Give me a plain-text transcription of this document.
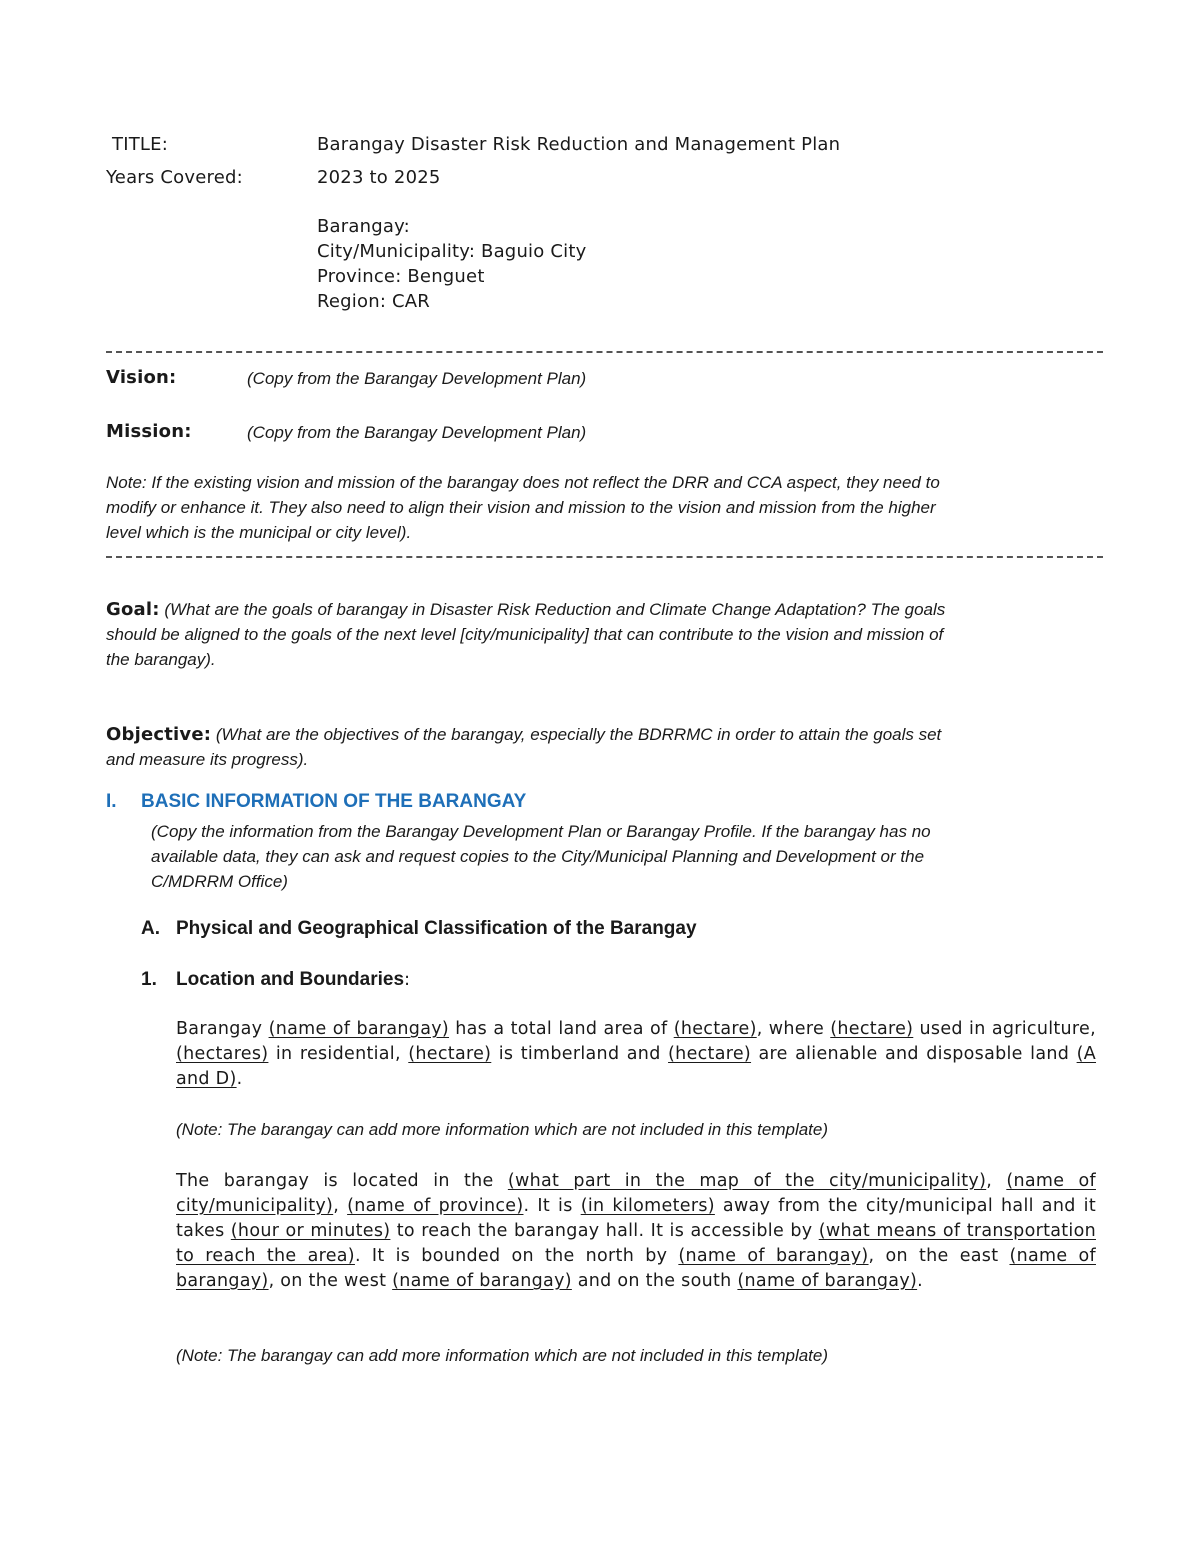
TITLE:	Barangay Disaster Risk Reduction and Management Plan
Years Covered:	2023 to 2025
Barangay:
City/Municipality: Baguio City
Province: Benguet
Region: CAR
Vision:	(Copy from the Barangay Development Plan)
Mission:	(Copy from the Barangay Development Plan)
Note: If the existing vision and mission of the barangay does not reflect the DRR and CCA aspect, they need to
modify or enhance it. They also need to align their vision and mission to the vision and mission from the higher
level which is the municipal or city level).
Goal: (What are the goals of barangay in Disaster Risk Reduction and Climate Change Adaptation? The goals
should be aligned to the goals of the next level [city/municipality] that can contribute to the vision and mission of
the barangay).
Objective: (What are the objectives of the barangay, especially the BDRRMC in order to attain the goals set
and measure its progress).
I. BASIC INFORMATION OF THE BARANGAY
(Copy the information from the Barangay Development Plan or Barangay Profile. If the barangay has no
available data, they can ask and request copies to the City/Municipal Planning and Development or the
C/MDRRM Office)
A. Physical and Geographical Classification of the Barangay
1. Location and Boundaries:
Barangay (name of barangay) has a total land area of (hectare), where (hectare) used in agriculture, (hectares) in residential, (hectare) is timberland and (hectare) are alienable and disposable land (A and D).
(Note: The barangay can add more information which are not included in this template)
The barangay is located in the (what part in the map of the city/municipality), (name of city/municipality), (name of province). It is (in kilometers) away from the city/municipal hall and it takes (hour or minutes) to reach the barangay hall. It is accessible by (what means of transportation to reach the area). It is bounded on the north by (name of barangay), on the east (name of barangay), on the west (name of barangay) and on the south (name of barangay).
(Note: The barangay can add more information which are not included in this template)
